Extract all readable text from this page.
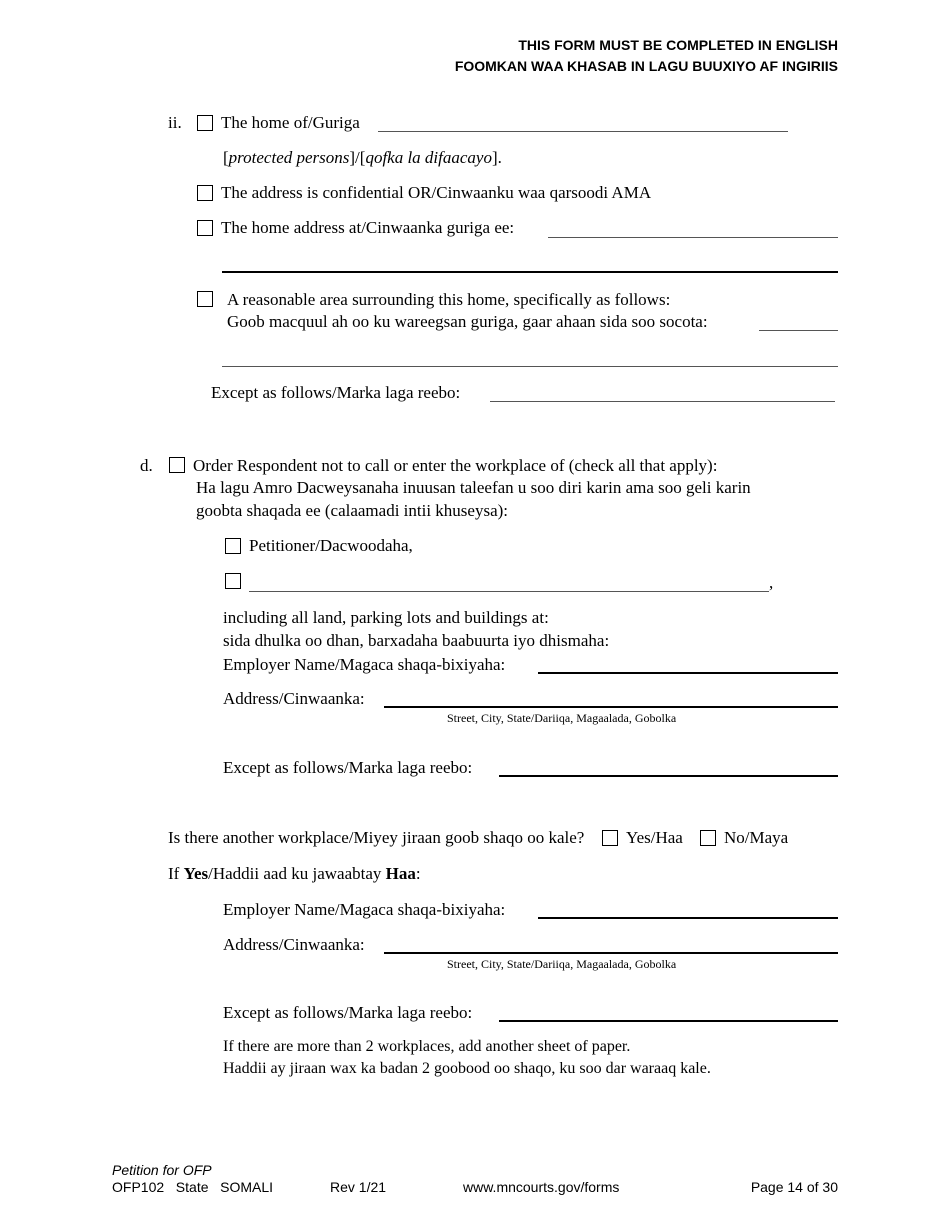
THIS FORM MUST BE COMPLETED IN ENGLISH
FOOMKAN WAA KHASAB IN LAGU BUUXIYO AF INGIRIIS
ii. The home of/Guriga
[protected persons]/[qofka la difaacayo].
The address is confidential OR/Cinwaanku waa qarsoodi AMA
The home address at/Cinwaanka guriga ee:
A reasonable area surrounding this home, specifically as follows:
Goob macquul ah oo ku wareegsan guriga, gaar ahaan sida soo socota:
Except as follows/Marka laga reebo:
d. Order Respondent not to call or enter the workplace of (check all that apply):
Ha lagu Amro Dacweysanaha inuusan taleefan u soo diri karin ama soo geli karin
goobta shaqada ee (calaamadi intii khuseysa):
Petitioner/Dacwoodaha,
,
including all land, parking lots and buildings at:
sida dhulka oo dhan, barxadaha baabuurta iyo dhismaha:
Employer Name/Magaca shaqa-bixiyaha:
Address/Cinwaanka:
Street, City, State/Dariiqa, Magaalada, Gobolka
Except as follows/Marka laga reebo:
Is there another workplace/Miyey jiraan goob shaqo oo kale? Yes/Haa No/Maya
If Yes/Haddii aad ku jawaabtay Haa:
Employer Name/Magaca shaqa-bixiyaha:
Address/Cinwaanka:
Street, City, State/Dariiqa, Magaalada, Gobolka
Except as follows/Marka laga reebo:
If there are more than 2 workplaces, add another sheet of paper.
Haddii ay jiraan wax ka badan 2 goobood oo shaqo, ku soo dar waraaq kale.
Petition for OFP
OFP102   State   SOMALI	Rev 1/21	www.mncourts.gov/forms	Page 14 of 30
